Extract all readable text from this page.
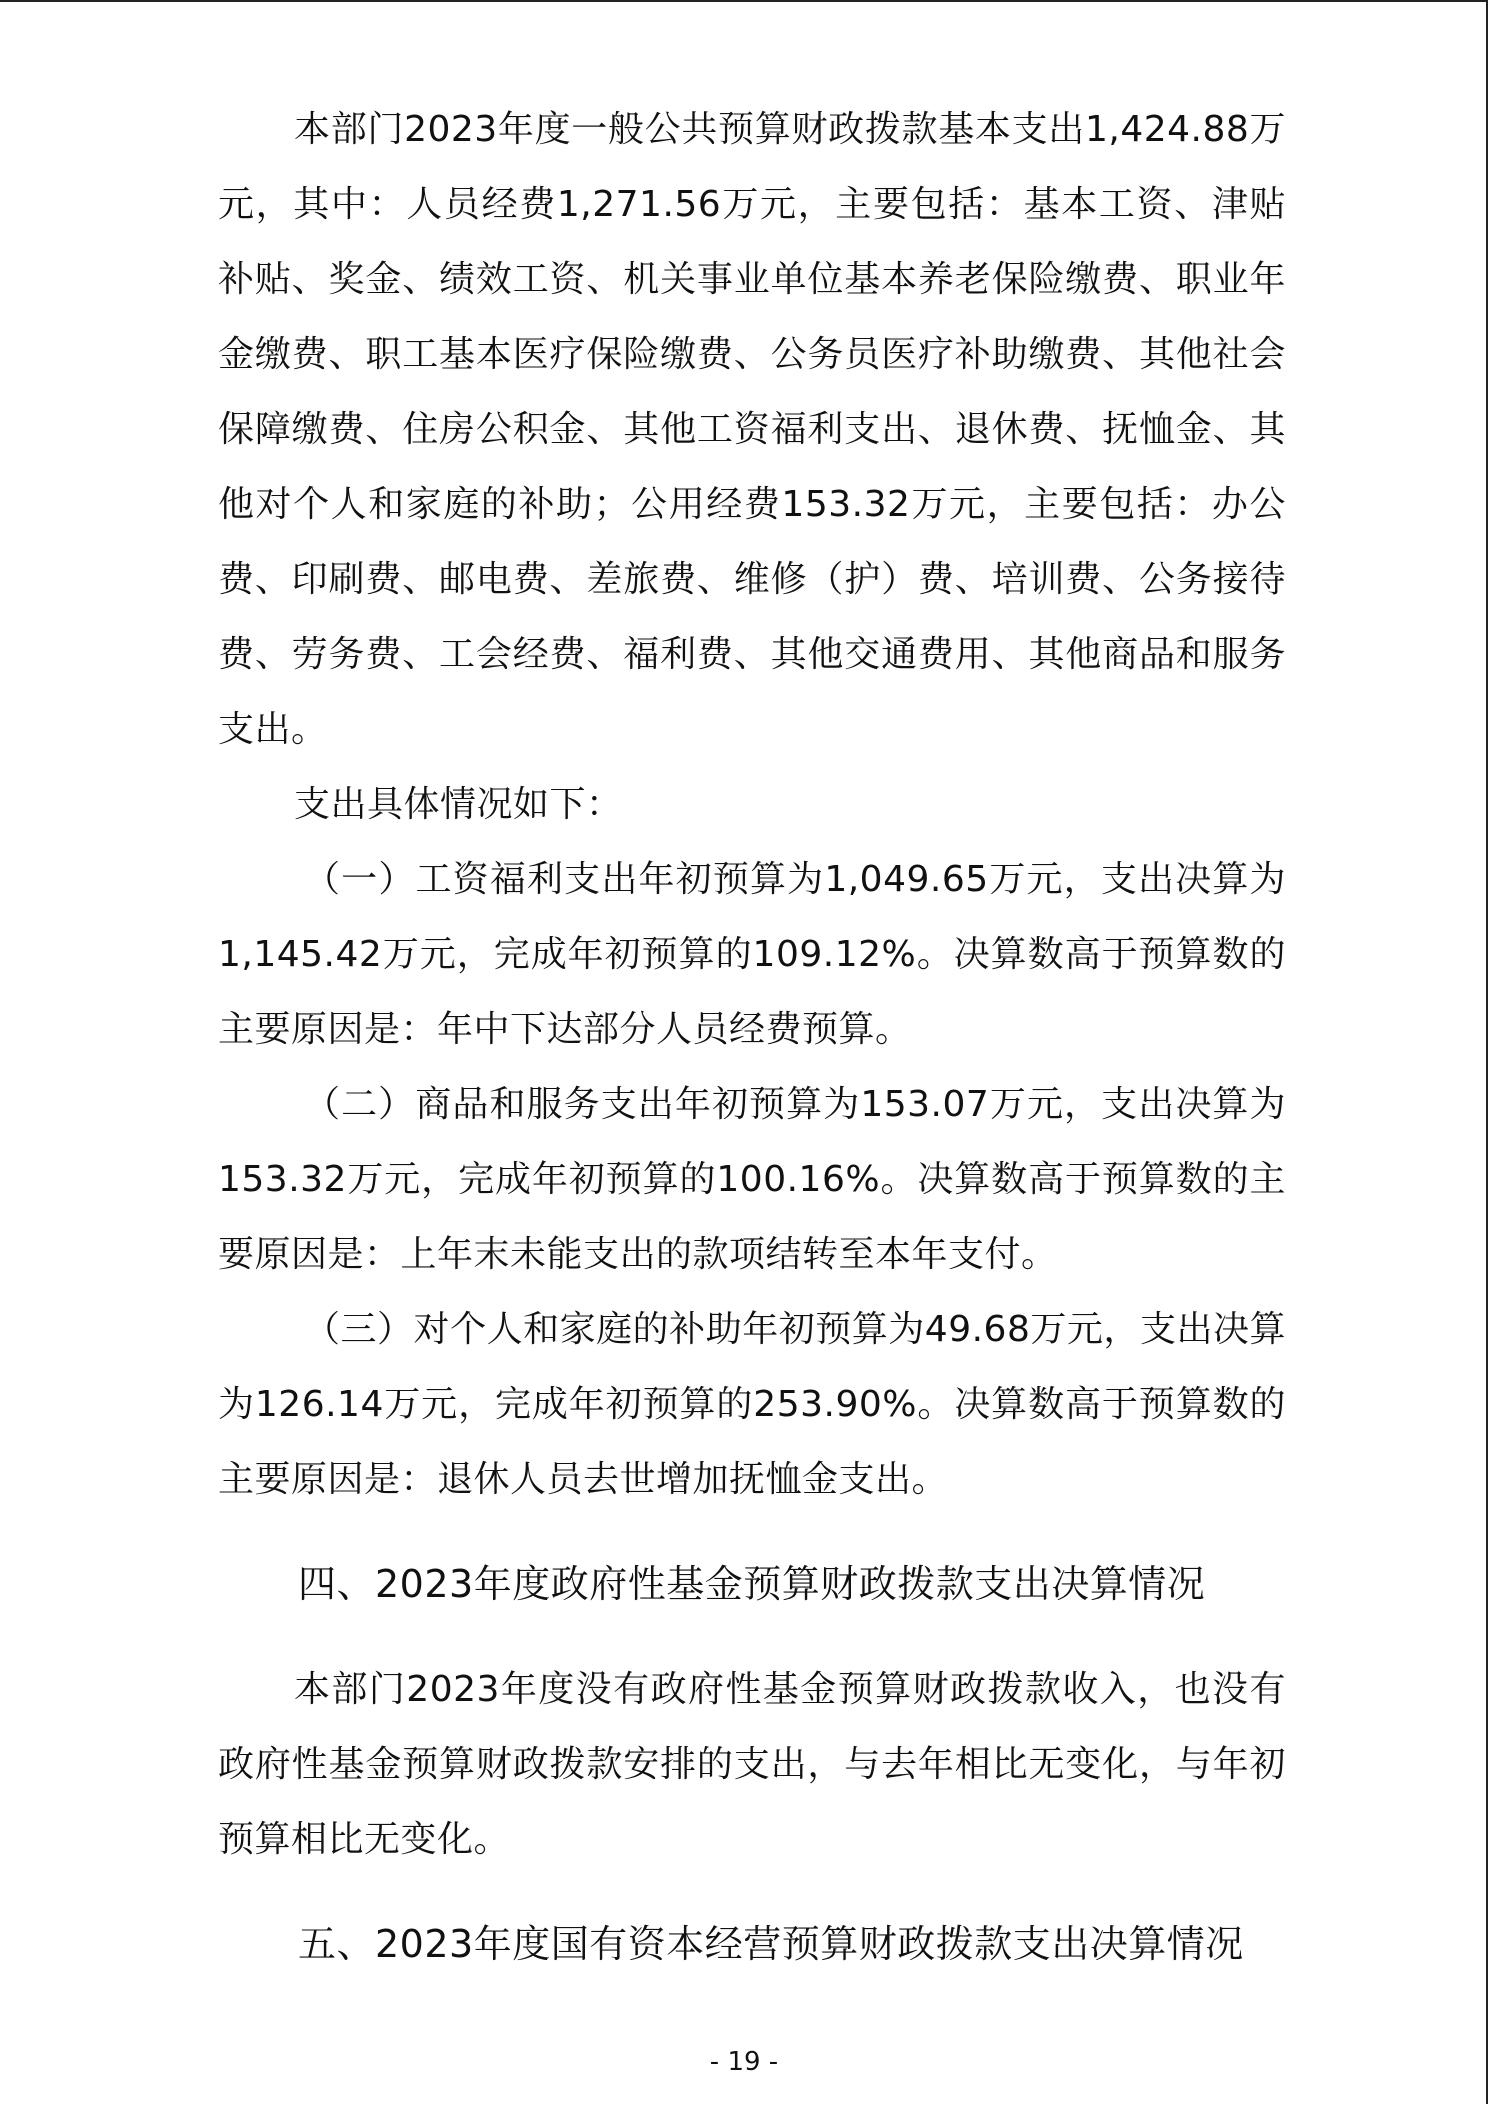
本部门2023年度一般公共预算财政拨款基本支出1,424.88万元，其中：人员经费1,271.56万元，主要包括：基本工资、津贴补贴、奖金、绩效工资、机关事业单位基本养老保险缴费、职业年金缴费、职工基本医疗保险缴费、公务员医疗补助缴费、其他社会保障缴费、住房公积金、其他工资福利支出、退休费、抚恤金、其他对个人和家庭的补助；公用经费153.32万元，主要包括：办公费、印刷费、邮电费、差旅费、维修（护）费、培训费、公务接待费、劳务费、工会经费、福利费、其他交通费用、其他商品和服务支出。

支出具体情况如下：

（一）工资福利支出年初预算为1,049.65万元，支出决算为1,145.42万元，完成年初预算的109.12%。决算数高于预算数的主要原因是：年中下达部分人员经费预算。

（二）商品和服务支出年初预算为153.07万元，支出决算为153.32万元，完成年初预算的100.16%。决算数高于预算数的主要原因是：上年末未能支出的款项结转至本年支付。

（三）对个人和家庭的补助年初预算为49.68万元，支出决算为126.14万元，完成年初预算的253.90%。决算数高于预算数的主要原因是：退休人员去世增加抚恤金支出。

四、2023年度政府性基金预算财政拨款支出决算情况

本部门2023年度没有政府性基金预算财政拨款收入，也没有政府性基金预算财政拨款安排的支出，与去年相比无变化，与年初预算相比无变化。

五、2023年度国有资本经营预算财政拨款支出决算情况

- 19 -
